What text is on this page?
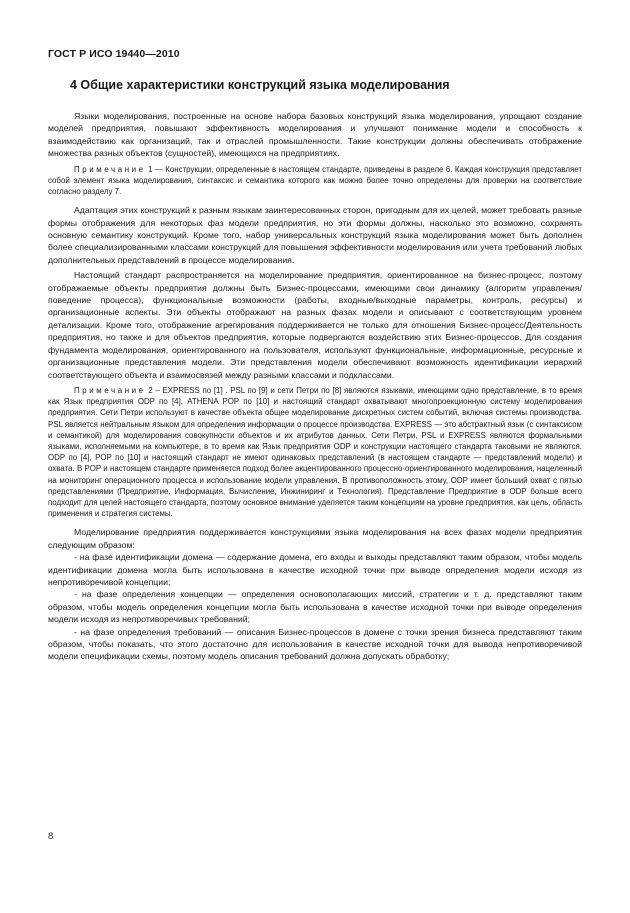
ГОСТ Р ИСО 19440—2010
4 Общие характеристики конструкций языка моделирования

Языки моделирования, построенные на основе набора базовых конструкций языка моделирования, упрощают создание моделей предприятия, повышают эффективность моделирования и улучшают понимание модели и способность к взаимодействию как организаций, так и отраслей промышленности. Такие конструкции должны обеспечивать отображение множества разных объектов (сущностей), имеющихся на предприятиях.

Примечание 1 — Конструкции, определенные в настоящем стандарте, приведены в разделе 6. Каждая конструкция представляет собой элемент языка моделирования, синтаксис и семантика которого как можно более точно определены для проверки на соответствие согласно разделу 7.

Адаптация этих конструкций к разным языкам заинтересованных сторон, пригодным для их целей, может требовать разные формы отображения для некоторых фаз модели предприятия, но эти формы должны, насколько это возможно, сохранять основную семантику конструкций. Кроме того, набор универсальных конструкций языка моделирования может быть дополнен более специализированными классами конструкций для повышения эффективности моделирования или учета требований любых дополнительных представлений в процессе моделирования.

Настоящий стандарт распространяется на моделирование предприятия, ориентированное на бизнес-процесс, поэтому отображаемые объекты предприятия должны быть Бизнес-процессами, имеющими свои динамику (алгоритм управления/поведение процесса), функциональные возможности (работы, входные/выходные параметры, контроль, ресурсы) и организационные аспекты. Эти объекты отображают на разных фазах модели и описывают с соответствующим уровнем детализации. Кроме того, отображение агрегирования поддерживается не только для отношения Бизнес-процесс/Деятельность предприятия, но также и для объектов предприятия, которые подвергаются воздействию этих Бизнес-процессов. Для создания фундамента моделирования, ориентированного на пользователя, используют функциональные, информационные, ресурсные и организационные представления модели. Эти представления модели обеспечивают возможность идентификации иерархий соответствующего объекта и взаимосвязей между разными классами и подклассами.

Примечание 2 – EXPRESS по [1] . PSL по [9] и сети Петри по [8] являются языками, имеющими одно представление, в то время как Язык предприятия ODP по [4], ATHENA POP по [10] и настоящий стандарт охватывают многопроекционную систему моделирования предприятия. Сети Петри используют в качестве объекта общее моделирование дискретных систем событий, включая системы производства. PSL является нейтральным языком для определения информации о процессе производства. EXPRESS — это абстрактный язык (с синтаксисом и семантикой) для моделирования совокупности объектов и их атрибутов данных. Сети Петри, PSL и EXPRESS являются формальными языками, исполняемыми на компьютере, в то время как Язык предприятия ODP и конструкции настоящего стандарта таковыми не являются. ODP по [4], POP по [10] и настоящий стандарт не имеют одинаковых представлений (в настоящем стандарте — представлений модели) и охвата. В POP и настоящем стандарте применяется подход более акцентированного процессно-ориентированного моделирования, нацеленный на мониторинг операционного процесса и использование модели управления. В противоположность этому, ODP имеет больший охват с пятью представлениями (Предприятие, Информация, Вычисление, Инжиниринг и Технология). Представление Предприятие в ODP больше всего подходит для целей настоящего стандарта, поэтому основное внимание уделяется таким концепциям на уровне предприятия, как цель, область применения и стратегия системы.

Моделирование предприятия поддерживается конструкциями языка моделирования на всех фазах модели предприятия следующим образом:

- на фазе идентификации домена — содержание домена, его входы и выходы представляют таким образом, чтобы модель идентификации домена могла быть использована в качестве исходной точки при выводе определения модели исходя из непротиворечивой концепции;

- на фазе определения концепции — определения основополагающих миссий, стратегии и т. д. представляют таким образом, чтобы модель определения концепции могла быть использована в качестве исходной точки при выводе определения модели исходя из непротиворечивых требований;

- на фазе определения требований — описания Бизнес-процессов в домене с точки зрения бизнеса представляют таким образом, чтобы показать, что этого достаточно для использования в качестве исходной точки для вывода непротиворечивой модели спецификации схемы, поэтому модель описания требований должна допускать обработку;

8
